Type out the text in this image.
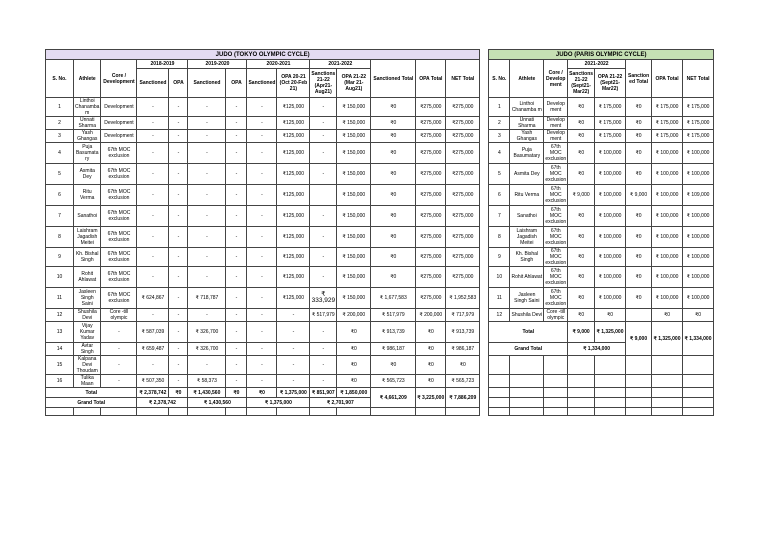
JUDO (TOKYO OLYMPIC CYCLE)															JUDO (PARIS OLYMPIC CYCLE)							
S. No.	Athlete	Core / Development	2018-2019		2019-2020		2020-2021		2021-2022		Sanctioned Total	OPA Total	NET Total		S. No.	Athlete	Core / Develop ment	2021-2022		Sanction ed Total	OPA Total	NET Total
			Sanctioned	OPA	Sanctioned	OPA	Sanctioned	OPA 20-21 (Oct 20-Feb 21)	Sanctions 21-22 (Apr21-Aug21)	OPA 21-22 (Mar 21-Aug21)								Sanctions 21-22 (Sept21-Mar22)	OPA 21-22 (Sept21-Mar22)			
1	Linthoi Chanamba m	Development	-	-	-	-	-	₹125,000	-	₹ 150,000	₹0	₹275,000	₹275,000		1	Linthoi Chanamba m	Develop ment	₹0	₹ 175,000	₹0	₹ 175,000	₹ 175,000
2	Unnati Sharma	Development	-	-	-	-	-	₹125,000	-	₹ 150,000	₹0	₹275,000	₹275,000		2	Unnati Sharma	Develop ment	₹0	₹ 175,000	₹0	₹ 175,000	₹ 175,000
3	Yash Ghangas	Development	-	-	-	-	-	₹125,000	-	₹ 150,000	₹0	₹275,000	₹275,000		3	Yash Ghangas	Develop ment	₹0	₹ 175,000	₹0	₹ 175,000	₹ 175,000
4	Puja Basumata ry	67th MOC exclusion	-	-	-	-	-	₹125,000	-	₹ 150,000	₹0	₹275,000	₹275,000		4	Puja Basumatary	67th MOC exclusion	₹0	₹ 100,000	₹0	₹ 100,000	₹ 100,000
5	Asmita Dey	67th MOC exclusion	-	-	-	-	-	₹125,000	-	₹ 150,000	₹0	₹275,000	₹275,000		5	Asmita Dey	67th MOC exclusion	₹0	₹ 100,000	₹0	₹ 100,000	₹ 100,000
6	Ritu Verma	67th MOC exclusion	-	-	-	-	-	₹125,000		₹ 150,000	₹0	₹275,000	₹275,000		6	Ritu Verma	67th MOC exclusion	₹ 9,000	₹ 100,000	₹ 9,000	₹ 100,000	₹ 109,000
7	Sanathoi	67th MOC exclusion	-	-	-	-	-	₹125,000	-	₹ 150,000	₹0	₹275,000	₹275,000		7	Sanathoi	67th MOC exclusion	₹0	₹ 100,000	₹0	₹ 100,000	₹ 100,000
8	Laishram Jagadish Meitei	67th MOC exclusion	-	-	-	-	-	₹125,000	-	₹ 150,000	₹0	₹275,000	₹275,000		8	Laishram Jagadish Meitei	67th MOC exclusion	₹0	₹ 100,000	₹0	₹ 100,000	₹ 100,000
9	Kh. Bishal Singh	67th MOC exclusion	-	-	-	-	-	₹125,000	-	₹ 150,000	₹0	₹275,000	₹275,000		9	Kh. Bishal Singh	67th MOC exclusion	₹0	₹ 100,000	₹0	₹ 100,000	₹ 100,000
10	Rohit Ahlawat	67th MOC exclusion	-	-	-	-	-	₹125,000	-	₹ 150,000	₹0	₹275,000	₹275,000		10	Rohit Ahlawat	67th MOC exclusion	₹0	₹ 100,000	₹0	₹ 100,000	₹ 100,000
11	Jasleen Singh Saini	67th MOC exclusion	₹ 624,867	-	₹ 718,787	-	-	₹125,000	₹ 333,929	₹ 150,000	₹ 1,677,583	₹275,000	₹ 1,952,583		11	Jasleen Singh Saini	67th MOC exclusion	₹0	₹ 100,000	₹0	₹ 100,000	₹ 100,000
12	Shushila Devi	Core -till olympic	-	-	-	-	-	-	₹ 517,979	₹ 200,000	₹ 517,979	₹ 200,000	₹ 717,979		12	Shushila Devi	Core -till olympic	₹0	₹0		₹0	₹0
13	Vijay Kumar Yadav	-	₹ 587,039	-	₹ 326,700	-	-	-	-	₹0	₹ 913,739	₹0	₹ 913,739		Total			₹ 9,000	₹ 1,325,000	₹ 9,000	₹ 1,325,000	₹ 1,334,000
14	Avtar Singh	-	₹ 659,487	-	₹ 326,700	-	-	-	-	₹0	₹ 986,187	₹0	₹ 986,187		Grand Total			₹ 1,334,000				
15	Kalpana Devi Thoudam	-	-	-	-	-	-	-	-	₹0	₹0	₹0	₹0									
16	Tulika Maan	-	₹ 507,350	-	₹ 58,373	-	-	-	-	₹0	₹ 565,723	₹0	₹ 565,723									
Total			₹ 2,378,742	₹0	₹ 1,430,560	₹0	₹0	₹ 1,375,000	₹ 851,907	₹ 1,850,000	₹ 4,661,209	₹ 3,225,000	₹ 7,886,209									
Grand Total			₹ 2,378,742		₹ 1,430,560		₹ 1,375,000		₹ 2,701,907													
